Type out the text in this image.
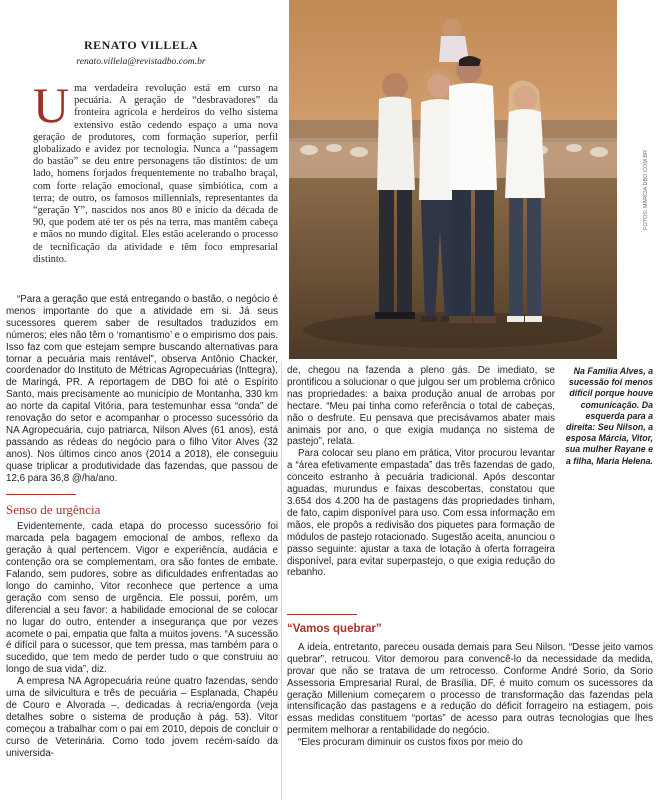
RENATO VILLELA
renato.villela@revistadbo.com.br
FOTOS: MARCIA DBO.COM.BR
U ma verdadeira revolução está em curso na pecuária. A geração de “desbravadores” da fronteira agrícola e herdeiros do velho sistema extensivo estão cedendo espaço a uma nova geração de produtores, com formação superior, perfil globalizado e avidez por tecnologia. Nunca a “passagem do bastão” se deu entre personagens tão distintos: de um lado, homens forjados frequentemente no trabalho braçal, com forte relação emocional, quase simbiótica, com a terra; de outro, os famosos millennials, representantes da “geração Y”, nascidos nos anos 80 e início da década de 90, que podem até ter os pés na terra, mas mantêm cabeça e mãos no mundo digital. Eles estão acelerando o processo de tecnificação da atividade e têm foco empresarial distinto.

“Para a geração que está entregando o bastão, o negócio é menos importante do que a atividade em si. Já seus sucessores querem saber de resultados traduzidos em números; eles não têm o ‘romantismo’ e o empirismo dos pais. Isso faz com que estejam sempre buscando alternativas para tornar a pecuária mais rentável”, observa Antônio Chacker, coordenador do Instituto de Métricas Agropecuárias (Inttegra), de Maringá, PR. A reportagem de DBO foi até o Espírito Santo, mais precisamente ao município de Montanha, 330 km ao norte da capital Vitória, para testemunhar essa “onda” de renovação do setor e acompanhar o processo sucessório da NA Agropecuária, cujo patriarca, Nilson Alves (61 anos), está passando as rédeas do negócio para o filho Vitor Alves (32 anos). Nos últimos cinco anos (2014 a 2018), ele conseguiu quase triplicar a produtividade das fazendas, que passou de 12,6 para 36,8 @/ha/ano.

Senso de urgência

Evidentemente, cada etapa do processo sucessório foi marcada pela bagagem emocional de ambos, reflexo da geração à qual pertencem. Vigor e experiência, audácia e contenção ora se complementam, ora são fontes de embate. Falando, sem pudores, sobre as dificuldades enfrentadas ao longo do caminho, Vitor reconhece que pertence a uma geração com senso de urgência. Ele possui, porém, um diferencial a seu favor: a habilidade emocional de se colocar no lugar do outro, entender a insegurança que por vezes acomete o pai, empatia que falta a muitos jovens. “A sucessão é difícil para o sucessor, que tem pressa, mas também para o sucedido, que tem medo de perder tudo o que construiu ao longo de sua vida”, diz.

A empresa NA Agropecuária reúne quatro fazendas, sendo uma de silvicultura e três de pecuária – Esplanada, Chapéu de Couro e Alvorada –, dedicadas à recria/engorda (veja detalhes sobre o sistema de produção à pág. 53). Vitor começou a trabalhar com o pai em 2010, depois de concluir o curso de Veterinária. Como todo jovem recém-saído da universida-

de, chegou na fazenda a pleno gás. De imediato, se prontificou a solucionar o que julgou ser um problema crônico nas propriedades: a baixa produção anual de arrobas por hectare. “Meu pai tinha como referência o total de cabeças, não o desfrute. Eu pensava que precisávamos abater mais animais por ano, o que exigia mudança no sistema de pastejo”, relata.

Para colocar seu plano em prática, Vitor procurou levantar a “área efetivamente empastada” das três fazendas de gado, conceito estranho à pecuária tradicional. Após descontar aguadas, murundus e faixas descobertas, constatou que 3.654 dos 4.200 ha de pastagens das propriedades tinham, de fato, capim disponível para uso. Com essa informação em mãos, ele propôs a redivisão dos piquetes para formação de módulos de pastejo rotacionado. Sugestão aceita, anunciou o passo seguinte: ajustar a taxa de lotação à oferta forrageira disponível, para evitar superpastejo, o que exigia redução do rebanho.

“Vamos quebrar”

A ideia, entretanto, pareceu ousada demais para Seu Nilson. “Desse jeito vamos quebrar”, retrucou. Vitor demorou para convencê-lo da necessidade da medida, provar que não se tratava de um retrocesso. Conforme André Sorio, da Sorio Assessoria Empresarial Rural, de Brasília, DF, é muito comum os sucessores da geração Millenium começarem o processo de transformação das fazendas pela intensificação das pastagens e a redução do déficit forrageiro na estiagem, pois essas medidas constituem “portas” de acesso para outras tecnologias que lhes permitem melhorar a rentabilidade do negócio.

“Eles procuram diminuir os custos fixos por meio do

Na Família Alves, a sucessão foi menos difícil porque houve comunicação. Da esquerda para a direita: Seu Nilson, a esposa Márcia, Vitor, sua mulher Rayane e a filha, Maria Helena.
